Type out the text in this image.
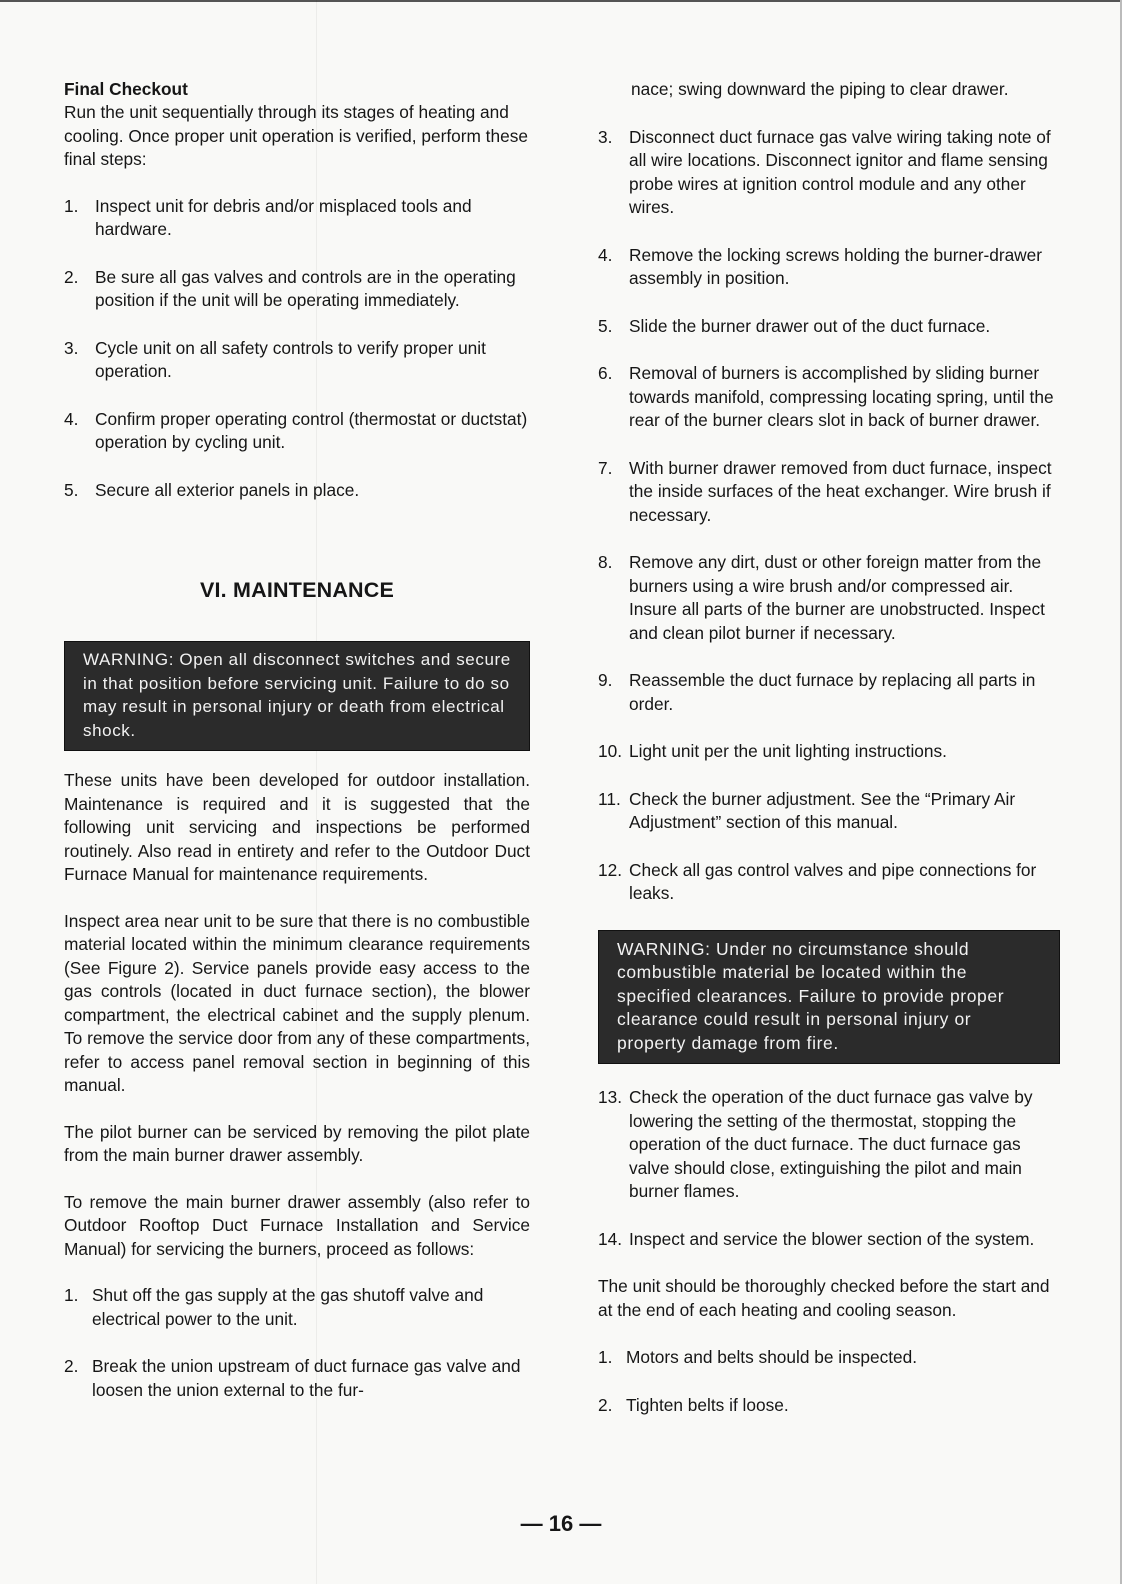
Final Checkout

Run the unit sequentially through its stages of heating and cooling. Once proper unit operation is verified, perform these final steps:

1. Inspect unit for debris and/or misplaced tools and hardware.
2. Be sure all gas valves and controls are in the operating position if the unit will be operating immediately.
3. Cycle unit on all safety controls to verify proper unit operation.
4. Confirm proper operating control (thermostat or ductstat) operation by cycling unit.
5. Secure all exterior panels in place.
VI. MAINTENANCE
WARNING: Open all disconnect switches and secure in that position before servicing unit. Failure to do so may result in personal injury or death from electrical shock.

These units have been developed for outdoor installation. Maintenance is required and it is suggested that the following unit servicing and inspections be performed routinely. Also read in entirety and refer to the Outdoor Duct Furnace Manual for maintenance requirements.

Inspect area near unit to be sure that there is no combustible material located within the minimum clearance requirements (See Figure 2). Service panels provide easy access to the gas controls (located in duct furnace section), the blower compartment, the electrical cabinet and the supply plenum. To remove the service door from any of these compartments, refer to access panel removal section in beginning of this manual.

The pilot burner can be serviced by removing the pilot plate from the main burner drawer assembly.

To remove the main burner drawer assembly (also refer to Outdoor Rooftop Duct Furnace Installation and Service Manual) for servicing the burners, proceed as follows:

1. Shut off the gas supply at the gas shutoff valve and electrical power to the unit.
2. Break the union upstream of duct furnace gas valve and loosen the union external to the fur-

nace; swing downward the piping to clear drawer.

3. Disconnect duct furnace gas valve wiring taking note of all wire locations. Disconnect ignitor and flame sensing probe wires at ignition control module and any other wires.
4. Remove the locking screws holding the burner-drawer assembly in position.
5. Slide the burner drawer out of the duct furnace.
6. Removal of burners is accomplished by sliding burner towards manifold, compressing locating spring, until the rear of the burner clears slot in back of burner drawer.
7. With burner drawer removed from duct furnace, inspect the inside surfaces of the heat exchanger. Wire brush if necessary.
8. Remove any dirt, dust or other foreign matter from the burners using a wire brush and/or compressed air. Insure all parts of the burner are unobstructed. Inspect and clean pilot burner if necessary.
9. Reassemble the duct furnace by replacing all parts in order.
10. Light unit per the unit lighting instructions.
11. Check the burner adjustment. See the “Primary Air Adjustment” section of this manual.
12. Check all gas control valves and pipe connections for leaks.
WARNING: Under no circumstance should combustible material be located within the specified clearances. Failure to provide proper clearance could result in personal injury or property damage from fire.
13. Check the operation of the duct furnace gas valve by lowering the setting of the thermostat, stopping the operation of the duct furnace. The duct furnace gas valve should close, extinguishing the pilot and main burner flames.
14. Inspect and service the blower section of the system.

The unit should be thoroughly checked before the start and at the end of each heating and cooling season.

1. Motors and belts should be inspected.
2. Tighten belts if loose.
— 16 —
